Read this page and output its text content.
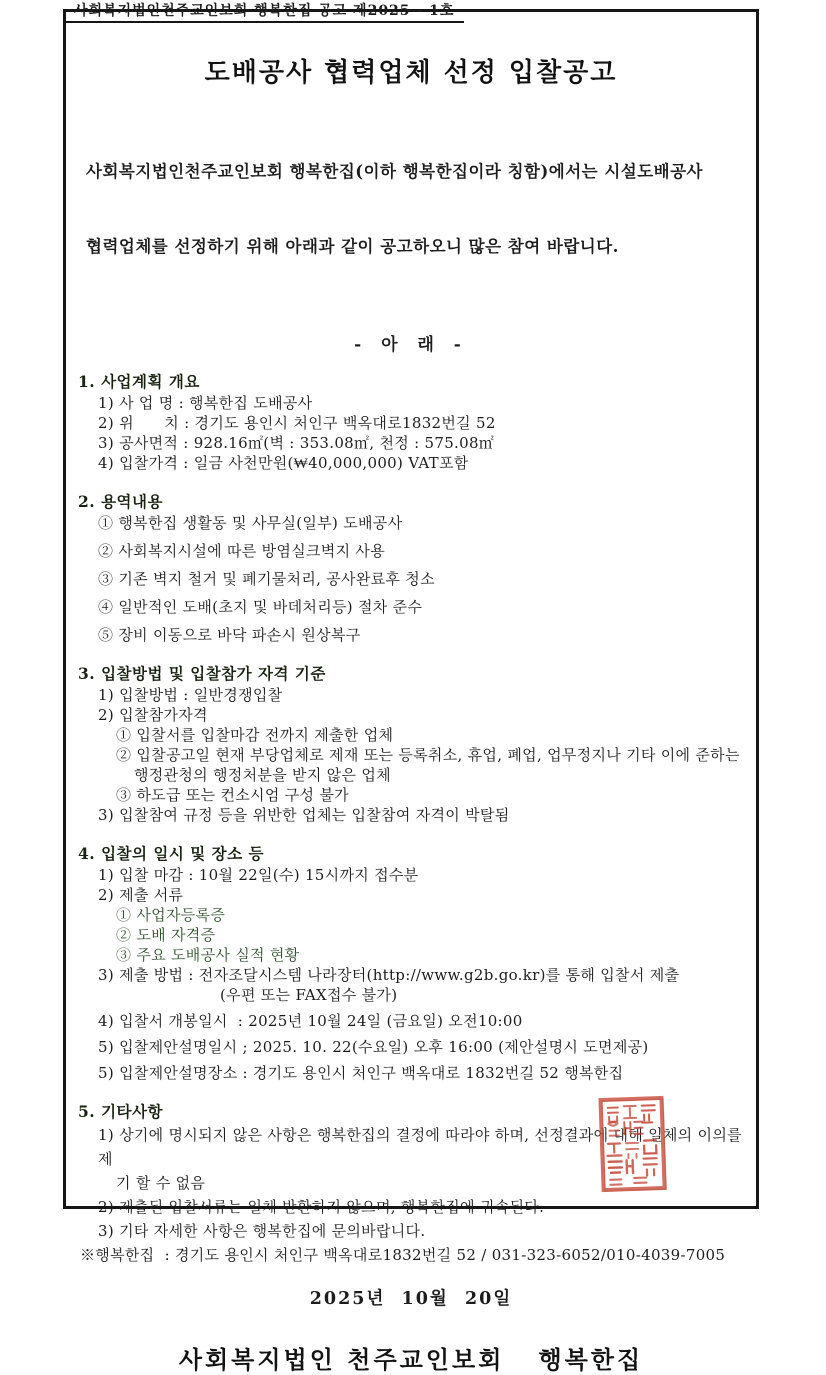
사회복지법인천주교인보회 행복한집 공고 제2025 - 1호
도배공사 협력업체 선정 입찰공고

사회복지법인천주교인보회 행복한집(이하 행복한집이라 칭함)에서는 시설도배공사

협력업체를 선정하기 위해 아래과 같이 공고하오니 많은 참여 바랍니다.

- 아 래 -
1. 사업계획 개요
1) 사 업 명 : 행복한집 도배공사
2) 위      치 : 경기도 용인시 처인구 백옥대로1832번길 52
3) 공사면적 : 928.16㎡(벽 : 353.08㎡, 천정 : 575.08㎡
4) 입찰가격 : 일금 사천만원(₩40,000,000) VAT포함
2. 용역내용
① 행복한집 생활동 및 사무실(일부) 도배공사
② 사회복지시설에 따른 방염실크벽지 사용
③ 기존 벽지 철거 및 폐기물처리, 공사완료후 청소
④ 일반적인 도배(초지 및 바데처리등) 절차 준수
⑤ 장비 이동으로 바닥 파손시 원상복구
3. 입찰방법 및 입찰참가 자격 기준
1) 입찰방법 : 일반경쟁입찰
2) 입찰참가자격
① 입찰서를 입찰마감 전까지 제출한 업체
② 입찰공고일 현재 부당업체로 제재 또는 등록취소, 휴업, 폐업, 업무정지나 기타 이에 준하는
행정관청의 행정처분을 받지 않은 업체
③ 하도급 또는 컨소시엄 구성 불가
3) 입찰참여 규정 등을 위반한 업체는 입찰참여 자격이 박탈됨
4. 입찰의 일시 및 장소 등
1) 입찰 마감 : 10월 22일(수) 15시까지 접수분
2) 제출 서류
① 사업자등록증
② 도배 자격증
③ 주요 도배공사 실적 현황
3) 제출 방법 : 전자조달시스템 나라장터(http://www.g2b.go.kr)를 통해 입찰서 제출
(우편 또는 FAX접수 불가)
4) 입찰서 개봉일시  : 2025년 10월 24일 (금요일) 오전10:00
5) 입찰제안설명일시 ; 2025. 10. 22(수요일) 오후 16:00 (제안설명시 도면제공)
5) 입찰제안설명장소 : 경기도 용인시 처인구 백옥대로 1832번길 52 행복한집
5. 기타사항
1) 상기에 명시되지 않은 사항은 행복한집의 결정에 따라야 하며, 선정결과에 대해 일체의 이의를 제
기 할 수 없음
2) 제출된 입찰서류는 일체 반환하지 않으며, 행복한집에 귀속된다.
3) 기타 자세한 사항은 행복한집에 문의바랍니다.
※행복한집  : 경기도 용인시 처인구 백옥대로1832번길 52 / 031-323-6052/010-4039-7005
2025년  10월  20일
사회복지법인 천주교인보회   행복한집
